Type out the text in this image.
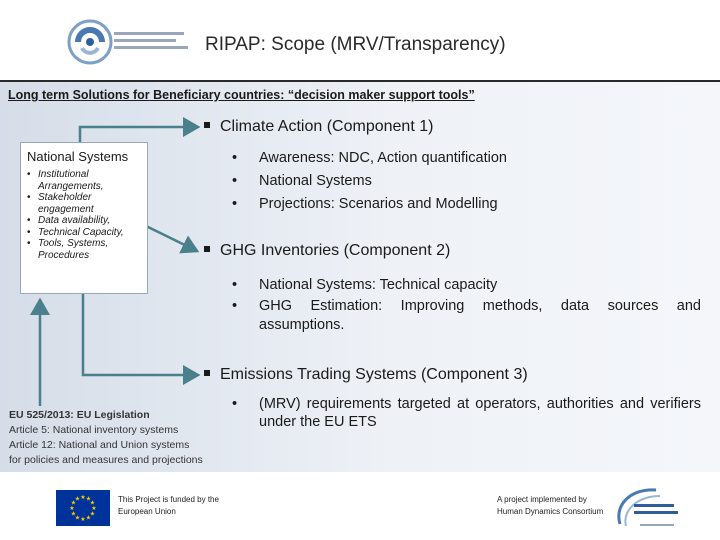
RIPAP: Scope (MRV/Transparency)
Long term Solutions for Beneficiary countries: “decision maker support tools”
National Systems
• Institutional Arrangements,
• Stakeholder engagement
• Data availability,
• Technical Capacity,
• Tools, Systems, Procedures
Climate Action (Component 1)
• Awareness: NDC, Action quantification
• National Systems
• Projections: Scenarios and Modelling
GHG Inventories (Component 2)
• National Systems: Technical capacity
• GHG Estimation: Improving methods, data sources and assumptions.
Emissions Trading Systems (Component 3)
• (MRV) requirements targeted at operators, authorities and verifiers under the EU ETS
EU 525/2013: EU Legislation
Article 5: National inventory systems
Article 12: National and Union systems
for policies and measures and projections
★
★
★
★
★
★
★
★
★ ★ ★
★	This Project is funded by the
European Union
A project implemented by
Human Dynamics Consortium
